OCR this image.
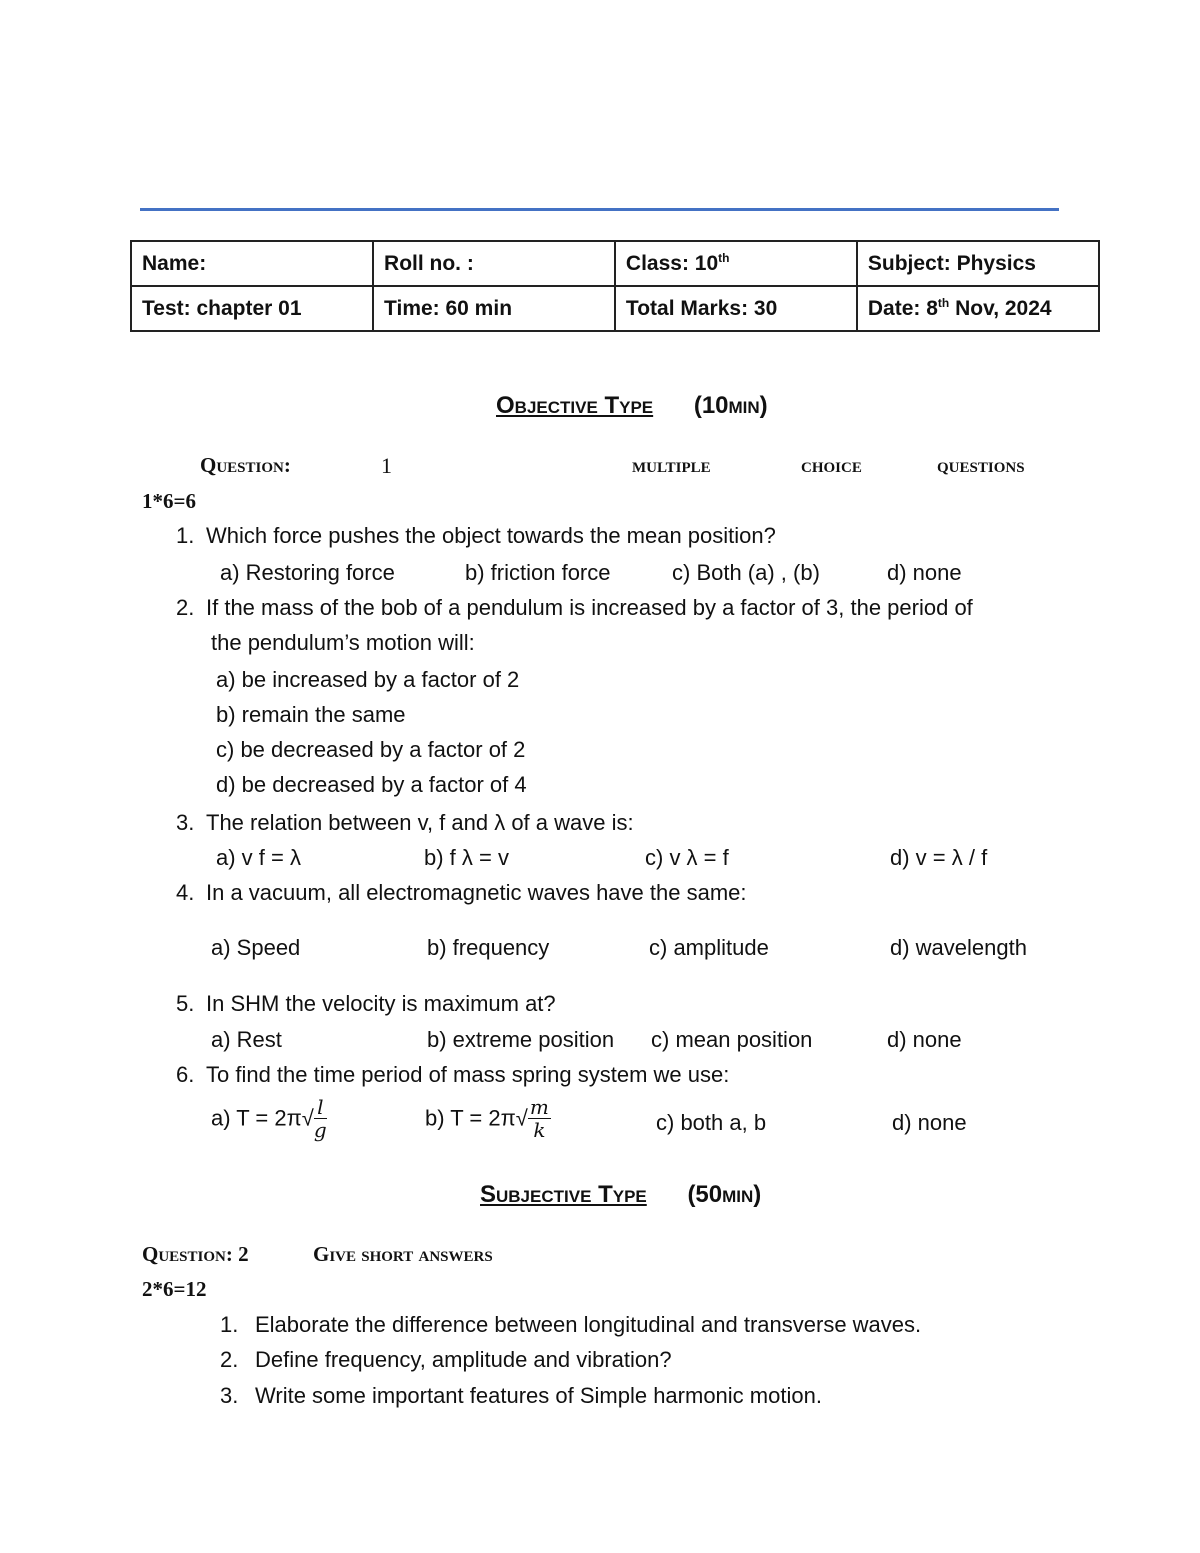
Name:	Roll no. :	Class: 10th	Subject: Physics
Test: chapter 01	Time: 60 min	Total Marks: 30	Date: 8th Nov, 2024
Objective Type (10min)
Question:	1	multiple	choice	questions
1*6=6
1. Which force pushes the object towards the mean position?
a) Restoring force	b) friction force	c) Both (a) , (b)	d) none
2. If the mass of the bob of a pendulum is increased by a factor of 3, the period of
the pendulum’s motion will:
a) be increased by a factor of 2
b) remain the same
c) be decreased by a factor of 2
d) be decreased by a factor of 4
3. The relation between v, f and λ of a wave is:
a) v f = λ	b) f λ = v	c) v λ = f	d) v = λ / f
4. In a vacuum, all electromagnetic waves have the same:
a) Speed	b) frequency	c) amplitude	d) wavelength
5. In SHM the velocity is maximum at?
a) Rest	b) extreme position c) mean position	d) none
6. To find the time period of mass spring system we use:
a) $T = 2\pi√ \frac{l}{g}$	b) $T = 2\pi√ \frac{m}{k}$	c) both a, b	d) none
Subjective Type (50min)
Question: 2	Give short answers
2*6=12
1. Elaborate the difference between longitudinal and transverse waves.
2. Define frequency, amplitude and vibration?
3. Write some important features of Simple harmonic motion.
